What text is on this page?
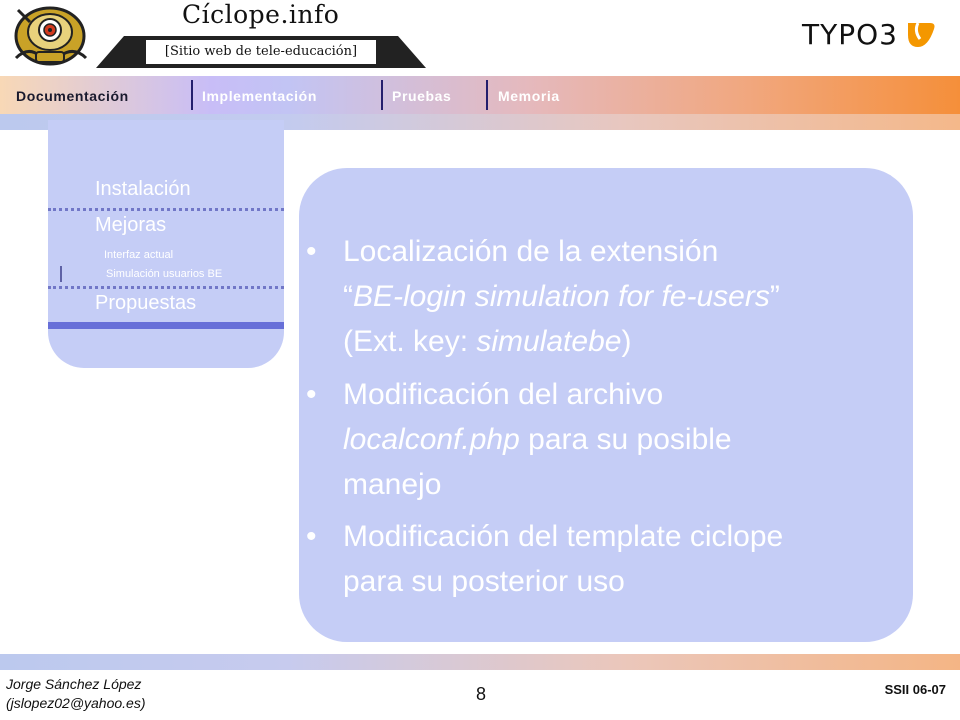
Cíclope.info
[Sitio web de tele-educación]
TYPO3
Documentación	Implementación	Pruebas	Memoria
Instalación
Mejoras
Interfaz actual
Simulación usuarios BE
Propuestas
• Localización de la extensión
“BE-login simulation for fe-users”
(Ext. key: simulatebe)
• Modificación del archivo
localconf.php para su posible
manejo
• Modificación del template ciclope
para su posterior uso
Jorge Sánchez López
(jslopez02@yahoo.es)	8	SSII 06-07
